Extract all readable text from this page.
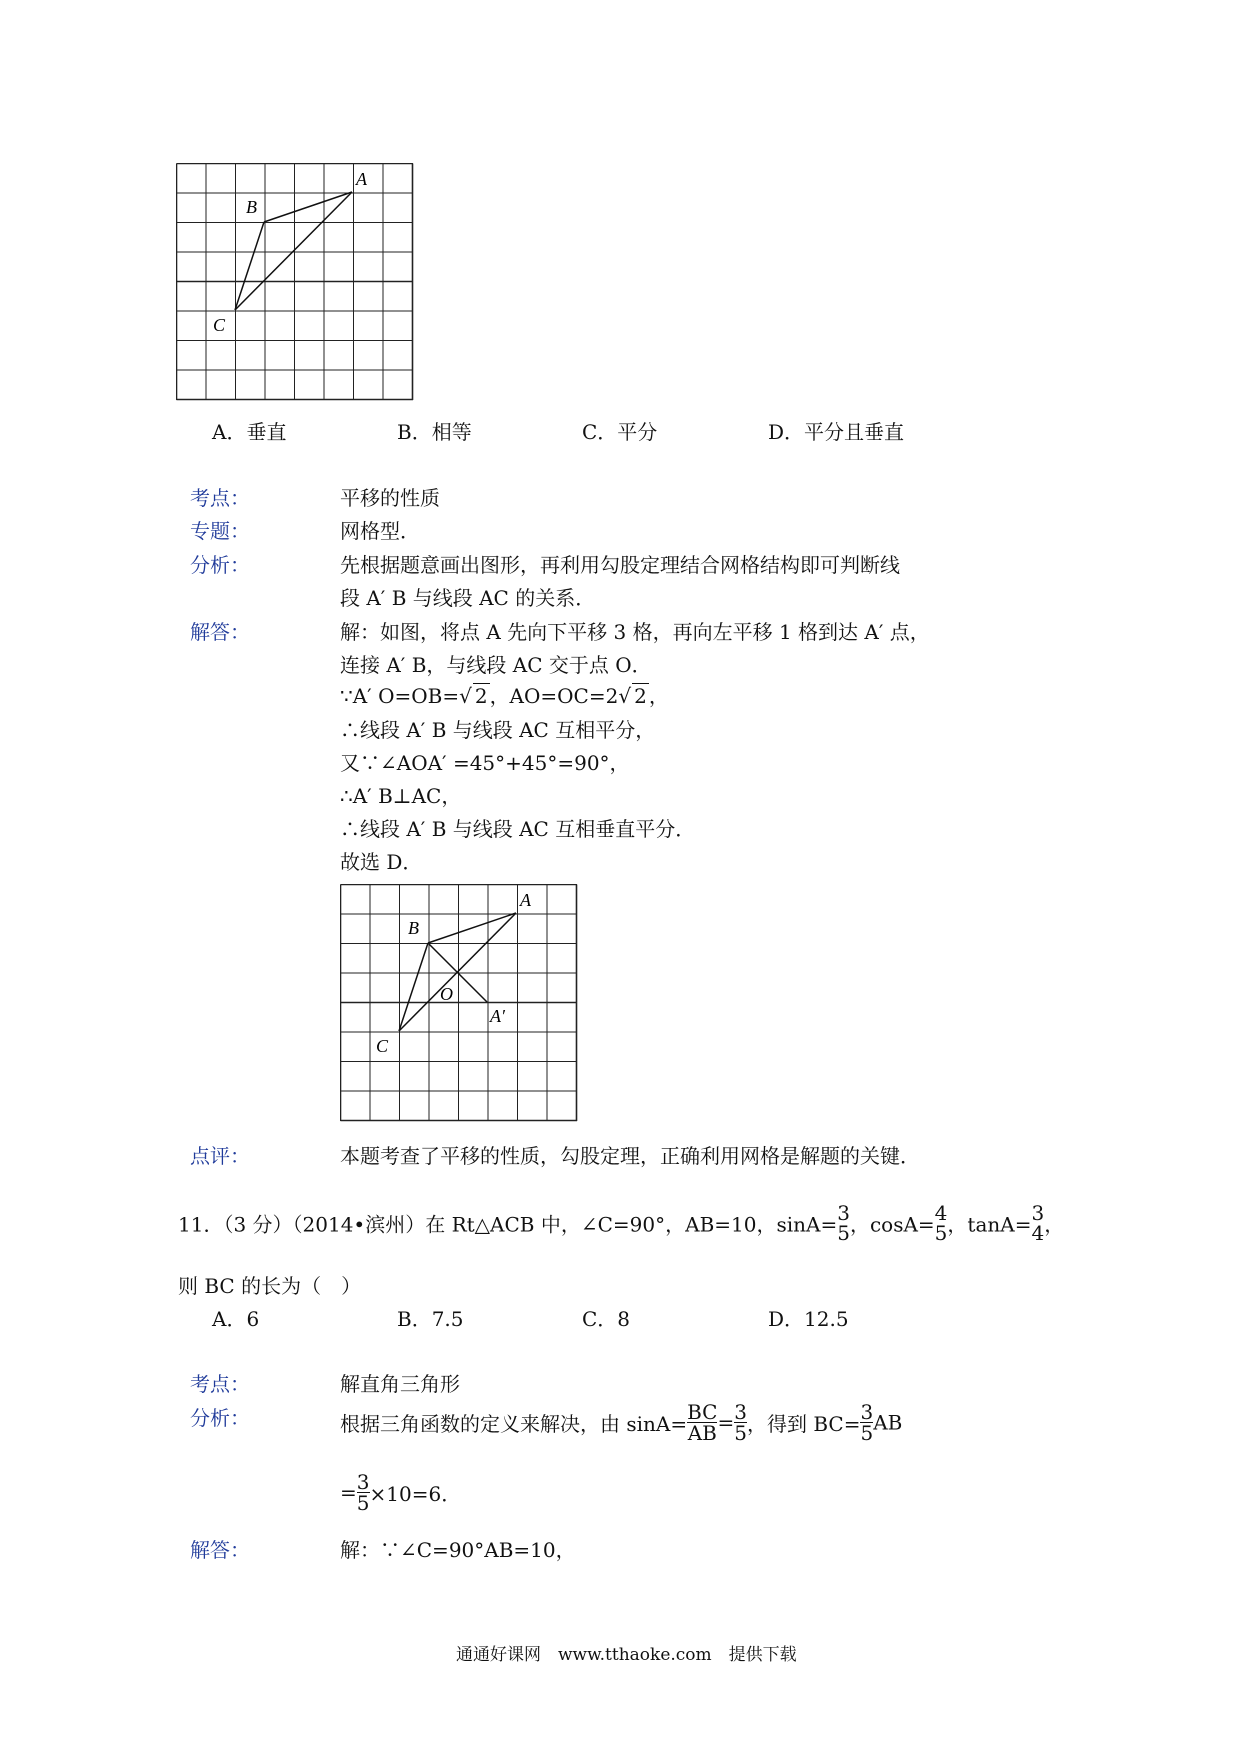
A
B
C
A．垂直	B．相等	C．平分	D．平分且垂直
考点：	平移的性质
专题：	网格型．
分析：	先根据题意画出图形，再利用勾股定理结合网格结构即可判断线
段 A′ B 与线段 AC 的关系．
解答：	解：如图，将点 A 先向下平移 3 格，再向左平移 1 格到达 A′ 点，
连接 A′ B，与线段 AC 交于点 O．
∵A′ O=OB=√ 2 ，AO=OC=2√ 2 ，
∴线段 A′ B 与线段 AC 互相平分，
又∵∠AOA′ =45°+45°=90°，
∴A′ B⊥AC，
∴线段 A′ B 与线段 AC 互相垂直平分．
故选 D．
A
B
C
O
A′
点评：	本题考查了平移的性质，勾股定理，正确利用网格是解题的关键．
11．（3 分）（2014•滨州）在 Rt△ACB 中，∠C=90°，AB=10，sinA= 3
5 ，cosA= 4
5 ，tanA= 3
4 ，
则 BC 的长为（　）
A．6	B．7.5	C．8	D．12.5
考点：	解直角三角形
分析：	根据三角函数的定义来解决，由 $\sin A= \frac{BC}{AB} = \frac{3}{5}$ ，得到 $BC= \frac{3}{5}$ AB
= $\frac{3}{5} \times 10=6$．
解答：	解：∵∠C=90°AB=10，
通通好课网　www.tthaoke.com　提供下载
